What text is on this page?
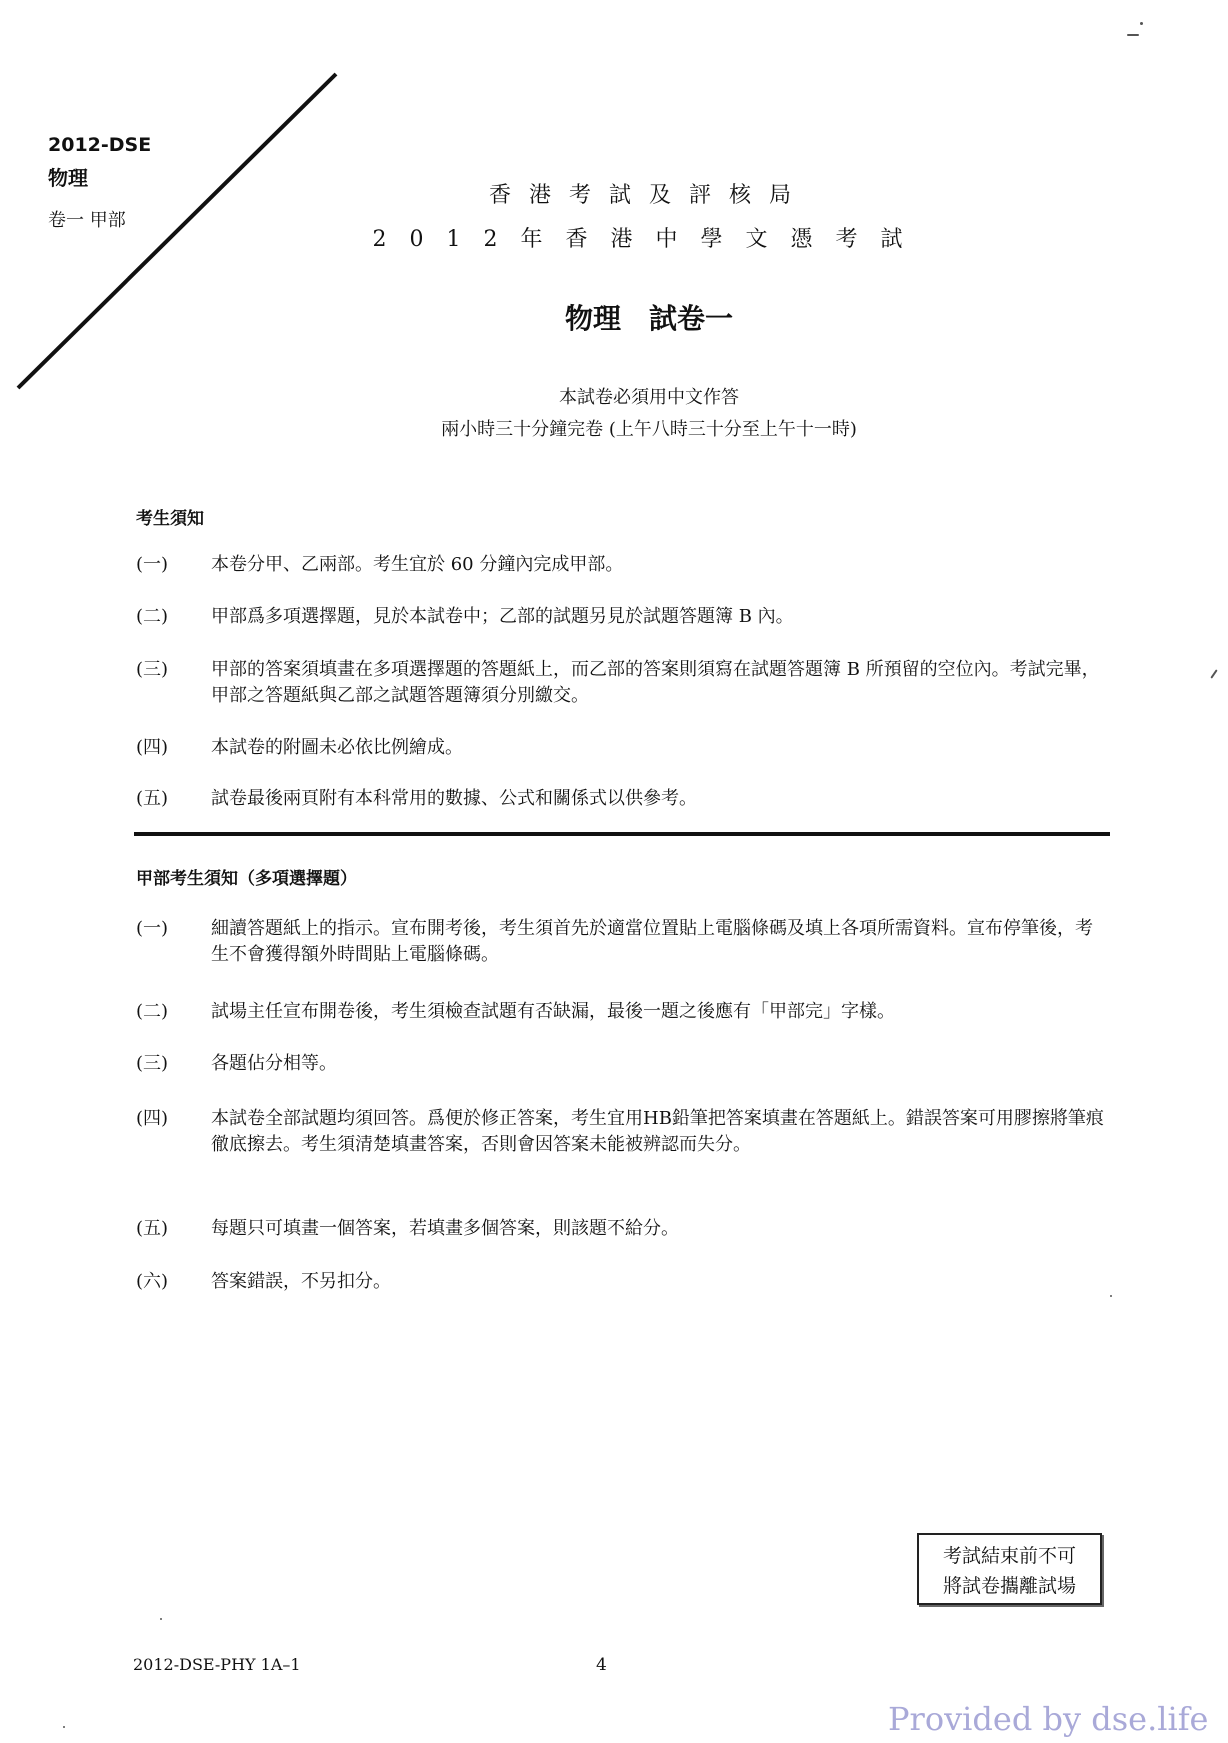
2012-DSE
物理
卷一 甲部
香港考試及評核局
2012年香港中學文憑考試
物理　試卷一
本試卷必須用中文作答
兩小時三十分鐘完卷 (上午八時三十分至上午十一時)
考生須知
(一)	本卷分甲、乙兩部。考生宜於 60 分鐘內完成甲部。
(二)	甲部爲多項選擇題，見於本試卷中；乙部的試題另見於試題答題簿 B 內。
(三)	甲部的答案須填畫在多項選擇題的答題紙上，而乙部的答案則須寫在試題答題簿 B 所預留的空位內。考試完畢，甲部之答題紙與乙部之試題答題簿須分別繳交。
(四)	本試卷的附圖未必依比例繪成。
(五)	試卷最後兩頁附有本科常用的數據、公式和關係式以供參考。
甲部考生須知（多項選擇題）
(一)	細讀答題紙上的指示。宣布開考後，考生須首先於適當位置貼上電腦條碼及填上各項所需資料。宣布停筆後，考生不會獲得額外時間貼上電腦條碼。
(二)	試場主任宣布開卷後，考生須檢查試題有否缺漏，最後一題之後應有「甲部完」字樣。
(三)	各題佔分相等。
(四)	本試卷全部試題均須回答。爲便於修正答案，考生宜用HB鉛筆把答案填畫在答題紙上。錯誤答案可用膠擦將筆痕徹底擦去。考生須清楚填畫答案，否則會因答案未能被辨認而失分。
(五)	每題只可填畫一個答案，若填畫多個答案，則該題不給分。
(六)	答案錯誤，不另扣分。
考試結束前不可
將試卷攜離試場
2012-DSE-PHY 1A–1	4
Provided by dse.life
